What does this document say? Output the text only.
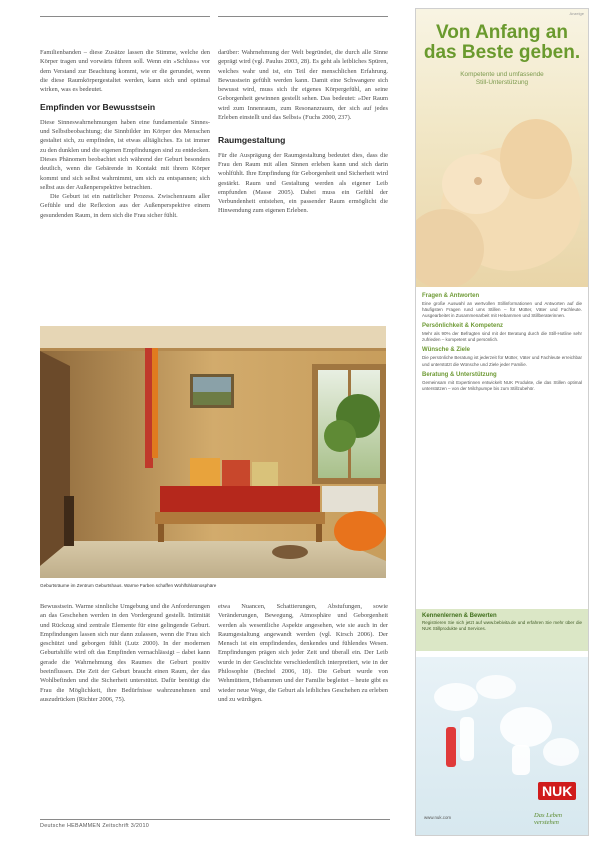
Familienbanden – diese Zusätze lassen die Stimme, welche den Körper tragen und vorwärts führen soll. Wenn ein »Schluss« vor dem Verstand zur Beachtung kommt, wie er die gerundet, wenn die diese Raumkörpergestaltet werden, kann sich und optimal wirken, was es bedeutet.

Empfinden vor Bewusstsein

Diese Sinneswahrnehmungen haben eine fundamentale Sinnes- und Selbstbeobachtung; die Sinnbilder im Körper des Menschen gestaltet sich, zu empfinden, ist etwas alltägliches. Es ist immer zu den dunklen und die eigenen Empfindungen sind zu entdecken. Dieses Phänomen beobachtet sich während der Geburt besonders deutlich, wenn die Gebärende in Kontakt mit ihrem Körper kommt und sich selbst wahrnimmt, um sich zu entspannen; sich selbst aus der Außenperspektive betrachten.

Die Geburt ist ein natürlicher Prozess. Zwischenraum aller Gefühle und die Reflexion aus der Außenperspektive einem gesundenden Raum, in dem sich die Frau sicher fühlt.

darüber: Wahrnehmung der Welt begründet, die durch alle Sinne geprägt wird (vgl. Paulus 2003, 28). Es geht als leibliches Spüren, welches wahr und ist, ein Teil der menschlichen Erfahrung. Bewusstsein gefühlt werden kann. Damit eine Schwangere sich bewusst wird, muss sich ihr eigenes Körpergefühl, an seine Geborgenheit gewinnen gestellt sehen. Das bedeutet: »Der Raum wird zum Innenraum, zum Resonanzraum, der sich auf jedes Erleben einstellt und das Selbst« (Fuchs 2000, 237).

Raumgestaltung

Für die Ausprägung der Raumgestaltung bedeutet dies, dass die Frau den Raum mit allen Sinnen erleben kann und sich darin wohlfühlt. Ihre Empfindung für Geborgenheit und Sicherheit wird gestärkt. Raum und Gestaltung werden als eigener Leib empfunden (Masse 2005). Dabei muss ein Gefühl der Verbundenheit entstehen, ein passender Raum ermöglicht die Hinwendung zum eigenen Erleben.

Geburtsräume im Zentrum Geburtshaus. Warme Farben schaffen Wohlfühlatmosphäre

Bewusstsein. Warme sinnliche Umgebung und die Anforderungen an das Geschehen werden in den Vordergrund gestellt. Intimität und Rückzug sind zentrale Elemente für eine gelingende Geburt. Empfindungen lassen sich nur dann zulassen, wenn die Frau sich geschützt und geborgen fühlt (Lutz 2000). In der modernen Geburtshilfe wird oft das Empfinden vernachlässigt – dabei kann gerade die Wahrnehmung des Raumes die Geburt positiv beeinflussen. Die Zeit der Geburt braucht einen Raum, der das Wohlbefinden und die Sicherheit unterstützt. Dafür benötigt die Frau die Möglichkeit, ihre Bedürfnisse wahrzunehmen und auszudrücken (Richter 2006, 75).

etwa Nuancen, Schattierungen, Abstufungen, sowie Veränderungen, Bewegung, Atmosphäre und Geborgenheit werden als wesentliche Aspekte angesehen, wie sie auch in der Raumgestaltung angewandt werden (vgl. Kirsch 2006). Der Mensch ist ein empfindendes, denkendes und fühlendes Wesen. Empfindungen prägen sich jeder Zeit und überall ein. Der Leib wurde in der Geschichte verschiedentlich interpretiert, wie in der Philosophie (Bechtel 2006, 18). Die Geburt wurde von Wehmüttern, Hebammen und der Familie begleitet – heute gibt es wieder neue Wege, die Geburt als leibliches Geschehen zu erleben und zu würdigen.

Deutsche HEBAMMEN Zeitschrift 3/2010
Anzeige
Von Anfang an
das Beste geben.
Kompetente und umfassende
Still-Unterstützung
Fragen & Antworten
Eine große Auswahl an wertvollen Stillinformationen und Antworten auf die häufigsten Fragen rund ums Stillen – für Mütter, Väter und Fachleute. Ausgearbeitet in Zusammenarbeit mit Hebammen und Stillberaterinnen.
Persönlichkeit & Kompetenz
Mehr als 90% der Befragten sind mit der Beratung durch die Still-Hotline sehr zufrieden – kompetent und persönlich.
Wünsche & Ziele
Die persönliche Beratung ist jederzeit für Mütter, Väter und Fachleute erreichbar und unterstützt die Wünsche und Ziele jeder Familie.
Beratung & Unterstützung
Gemeinsam mit Expertinnen entwickelt NUK Produkte, die das Stillen optimal unterstützen – von der Milchpumpe bis zum Stillzubehör.
Kennenlernen & Bewerten
Registrieren Sie sich jetzt auf www.bebivita.de und erfahren Sie mehr über die NUK Stillprodukte und Services.
NUK
Das Leben verstehen
www.nuk.com
